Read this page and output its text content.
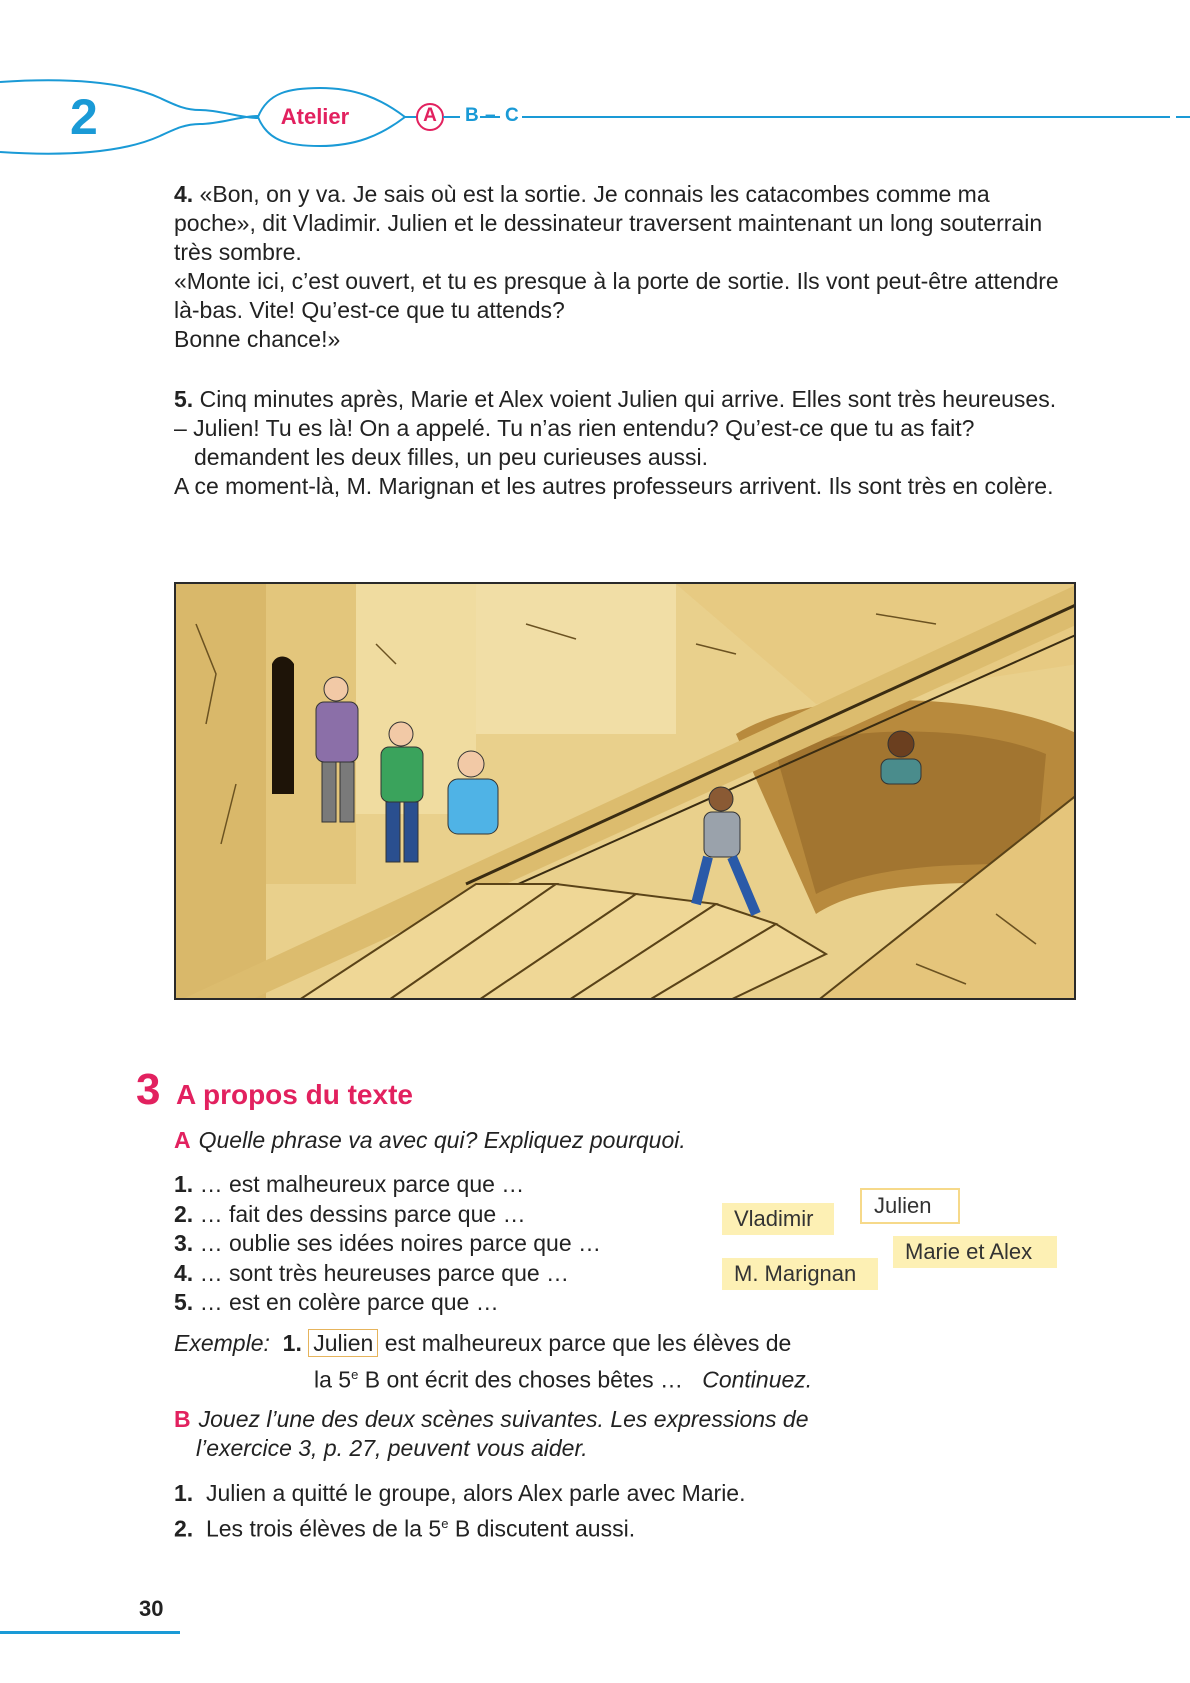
2	Atelier	A B – C

4. «Bon, on y va. Je sais où est la sortie. Je connais les catacombes comme ma poche», dit Vladimir. Julien et le dessinateur traversent maintenant un long souterrain très sombre.

«Monte ici, c’est ouvert, et tu es presque à la porte de sortie. Ils vont peut-être attendre là-bas. Vite! Qu’est-ce que tu attends?

Bonne chance!»

5. Cinq minutes après, Marie et Alex voient Julien qui arrive. Elles sont très heureuses.

– Julien! Tu es là! On a appelé. Tu n’as rien entendu? Qu’est-ce que tu as fait? demandent les deux filles, un peu curieuses aussi.

A ce moment-là, M. Marignan et les autres professeurs arrivent. Ils sont très en colère.

3 A propos du texte
A Quelle phrase va avec qui? Expliquez pourquoi.
1. … est malheureux parce que …
2. … fait des dessins parce que …
3. … oublie ses idées noires parce que …
4. … sont très heureuses parce que …
5. … est en colère parce que …
Julien
Vladimir
Marie et Alex
M. Marignan
Exemple: 1. Julien est malheureux parce que les élèves de
la 5e B ont écrit des choses bêtes … Continuez.
B Jouez l’une des deux scènes suivantes. Les expressions de
l’exercice 3, p. 27, peuvent vous aider.
1. Julien a quitté le groupe, alors Alex parle avec Marie.
2. Les trois élèves de la 5e B discutent aussi.
30
